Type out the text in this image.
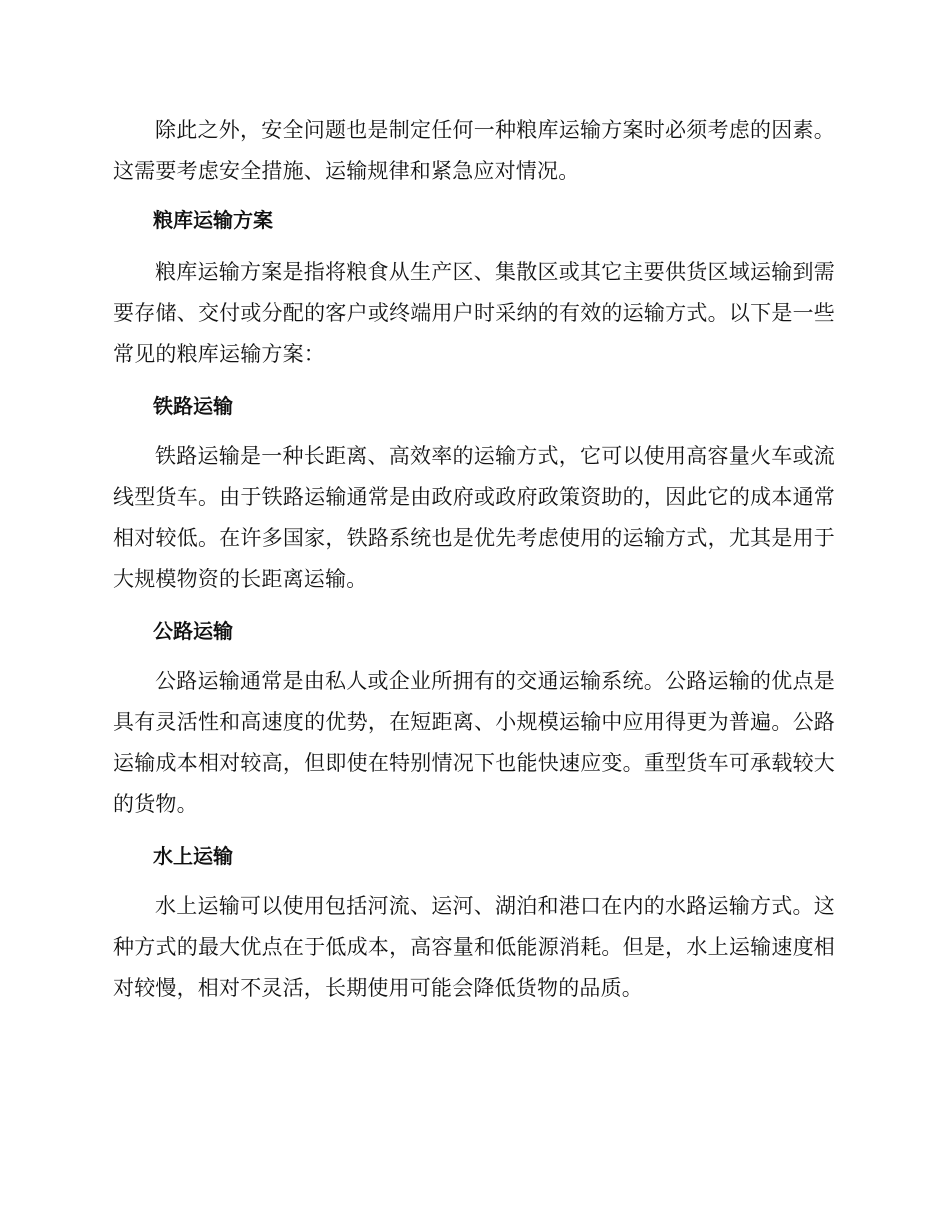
除此之外，安全问题也是制定任何一种粮库运输方案时必须考虑的因素。这需要考虑安全措施、运输规律和紧急应对情况。

粮库运输方案

粮库运输方案是指将粮食从生产区、集散区或其它主要供货区域运输到需要存储、交付或分配的客户或终端用户时采纳的有效的运输方式。以下是一些常见的粮库运输方案：

铁路运输

铁路运输是一种长距离、高效率的运输方式，它可以使用高容量火车或流线型货车。由于铁路运输通常是由政府或政府政策资助的，因此它的成本通常相对较低。在许多国家，铁路系统也是优先考虑使用的运输方式，尤其是用于大规模物资的长距离运输。

公路运输

公路运输通常是由私人或企业所拥有的交通运输系统。公路运输的优点是具有灵活性和高速度的优势，在短距离、小规模运输中应用得更为普遍。公路运输成本相对较高，但即使在特别情况下也能快速应变。重型货车可承载较大的货物。

水上运输

水上运输可以使用包括河流、运河、湖泊和港口在内的水路运输方式。这种方式的最大优点在于低成本，高容量和低能源消耗。但是，水上运输速度相对较慢，相对不灵活，长期使用可能会降低货物的品质。
